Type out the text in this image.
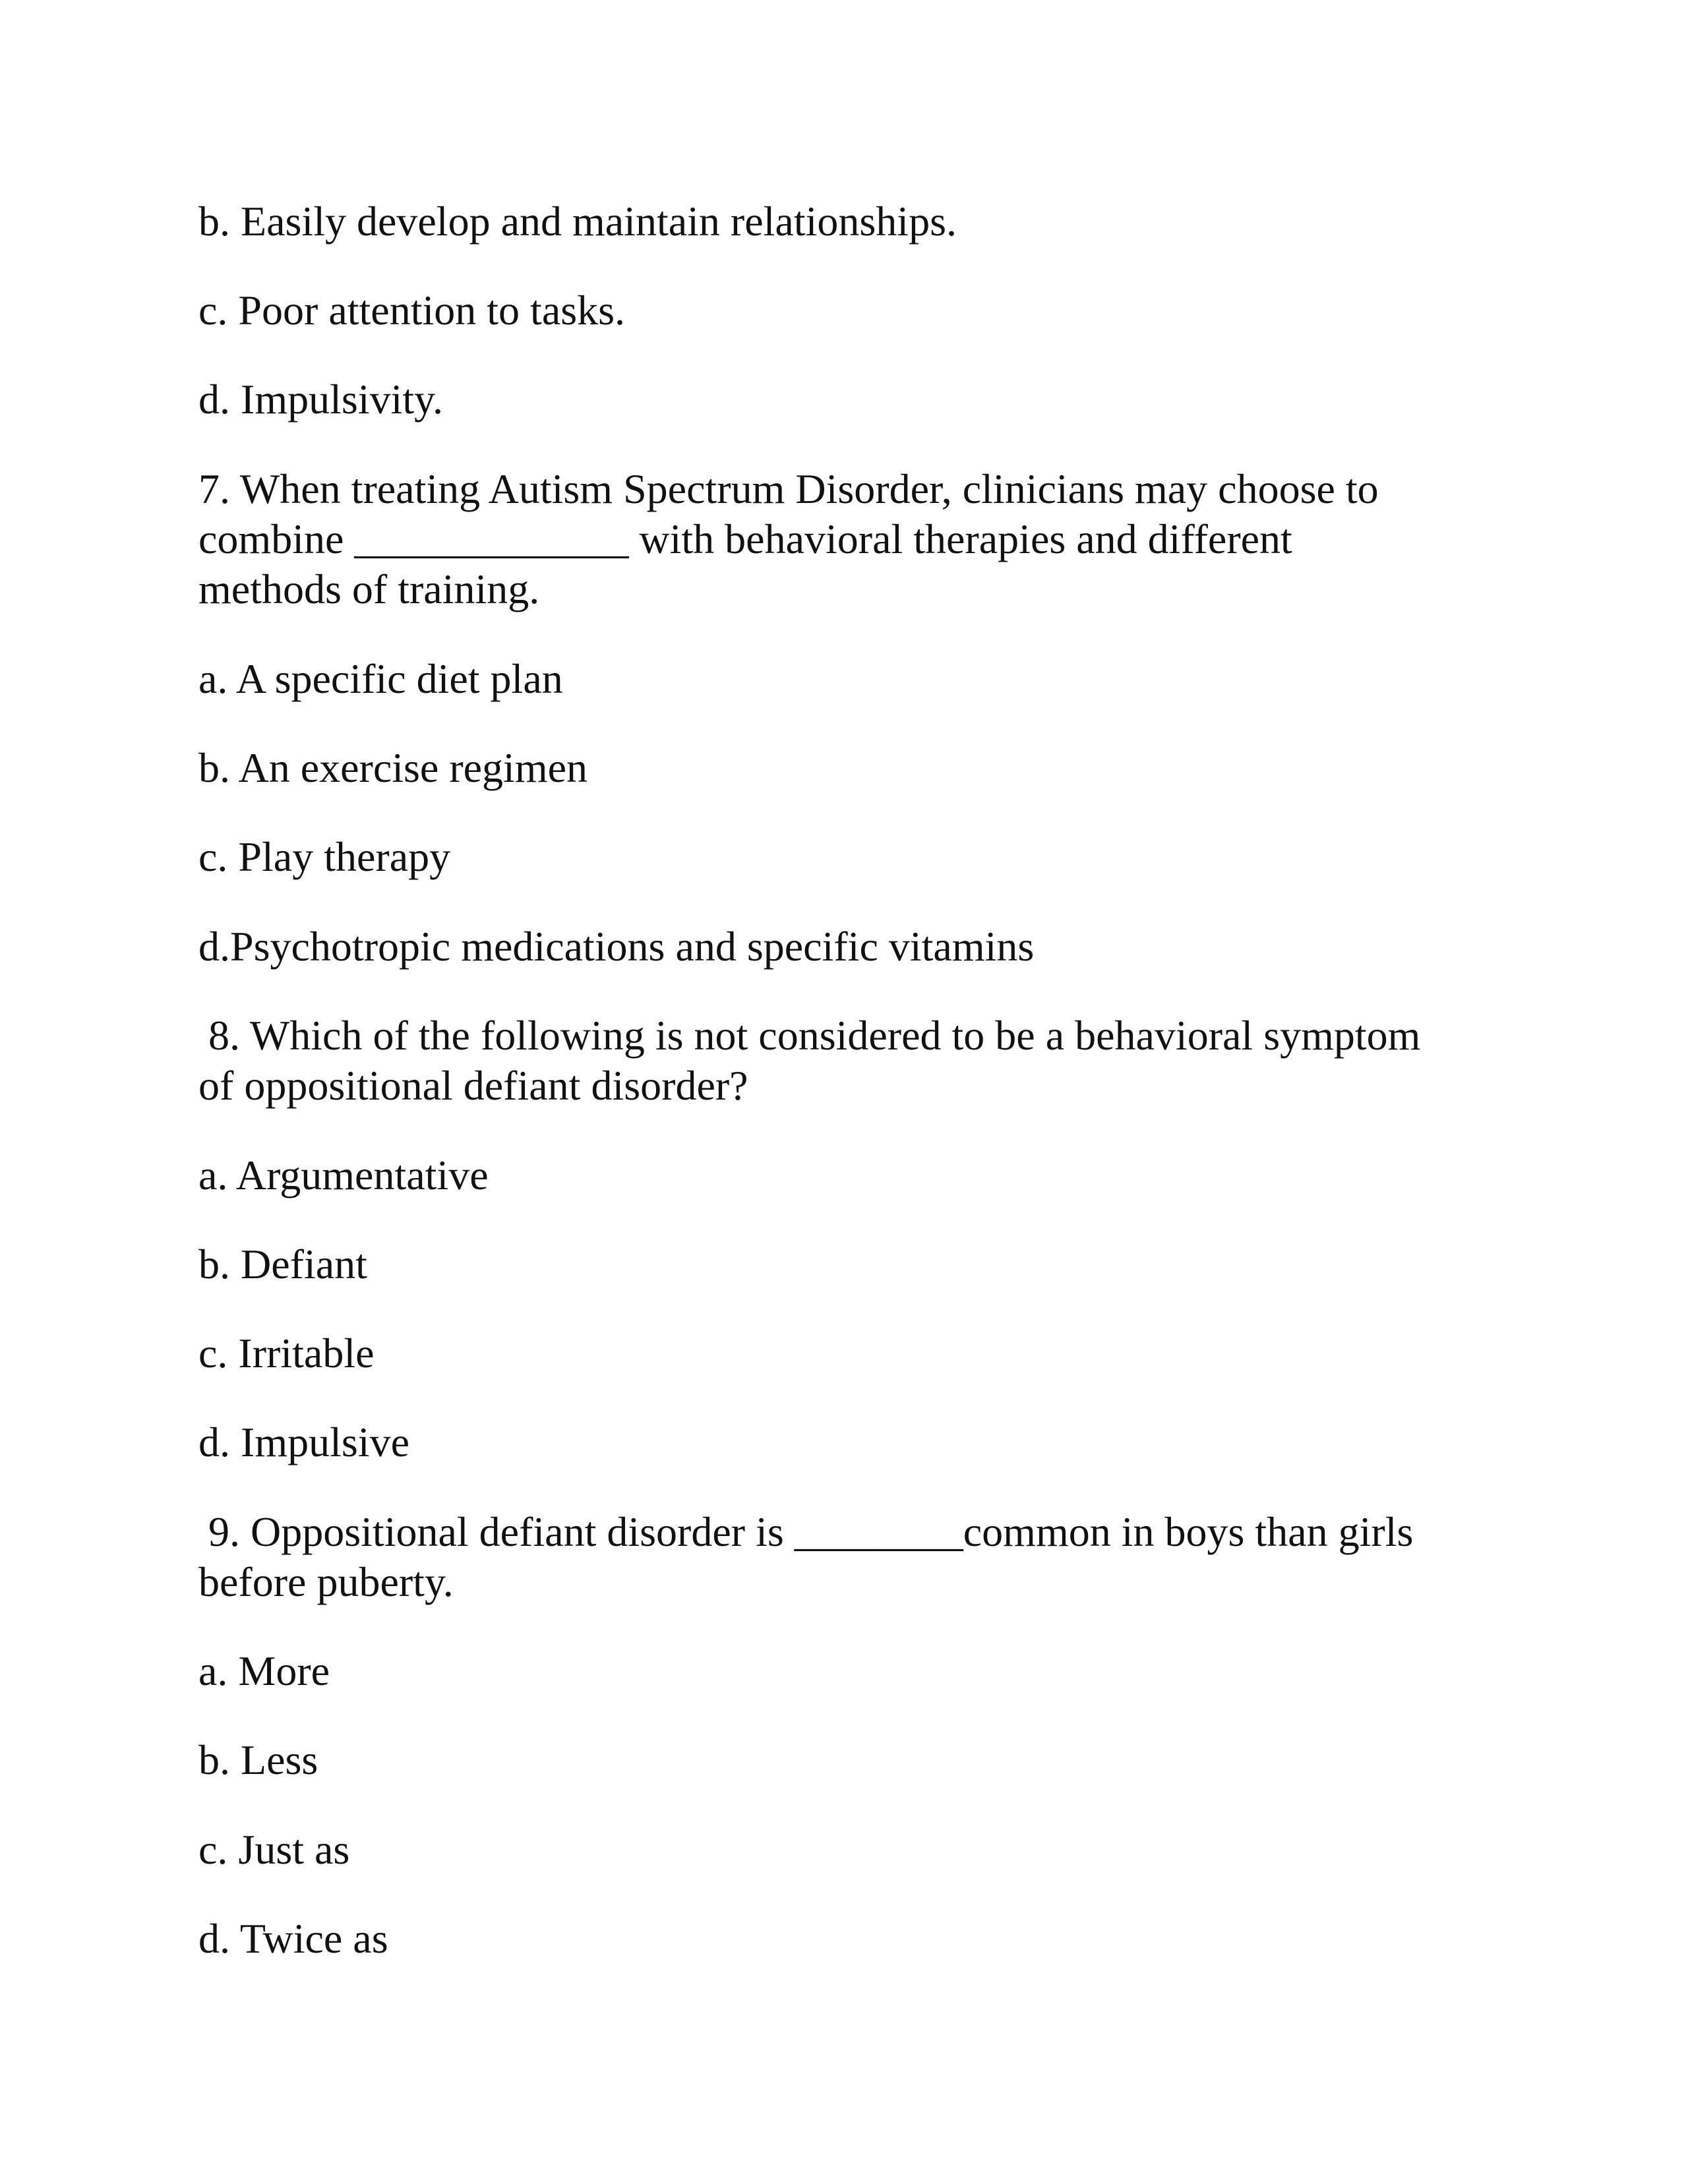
b. Easily develop and maintain relationships.

c. Poor attention to tasks.

d. Impulsivity.

7. When treating Autism Spectrum Disorder, clinicians may choose to

combine _____________ with behavioral therapies and different

methods of training.

a. A specific diet plan

b. An exercise regimen

c. Play therapy

d.Psychotropic medications and specific vitamins

8. Which of the following is not considered to be a behavioral symptom

of oppositional defiant disorder?

a. Argumentative

b. Defiant

c. Irritable

d. Impulsive

9. Oppositional defiant disorder is ________common in boys than girls

before puberty.

a. More

b. Less

c. Just as

d. Twice as
